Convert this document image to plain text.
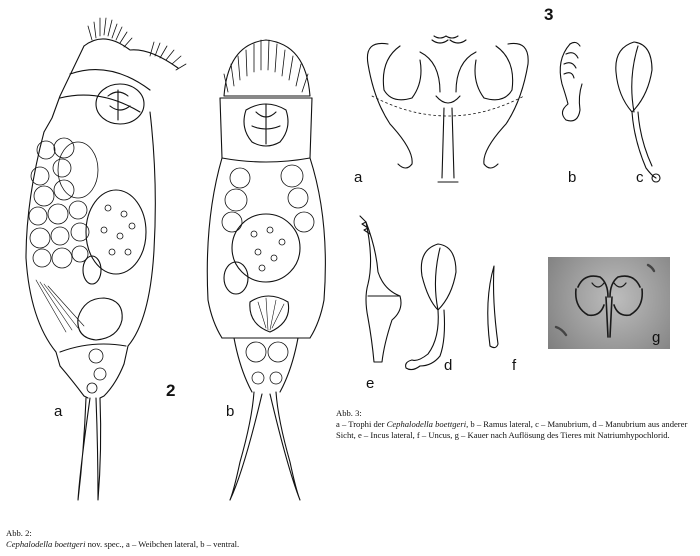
a	b
2
3
a	b	c
d
e
f
g
Abb. 3:
a – Trophi der Cephalodella boettgeri, b – Ramus lateral, c – Manubrium, d – Manubrium aus anderer
Sicht, e – Incus lateral, f – Uncus, g – Kauer nach Auflösung des Tieres mit Natriumhypochlorid.
Abb. 2:
Cephalodella boettgeri nov. spec., a – Weibchen lateral, b – ventral.
